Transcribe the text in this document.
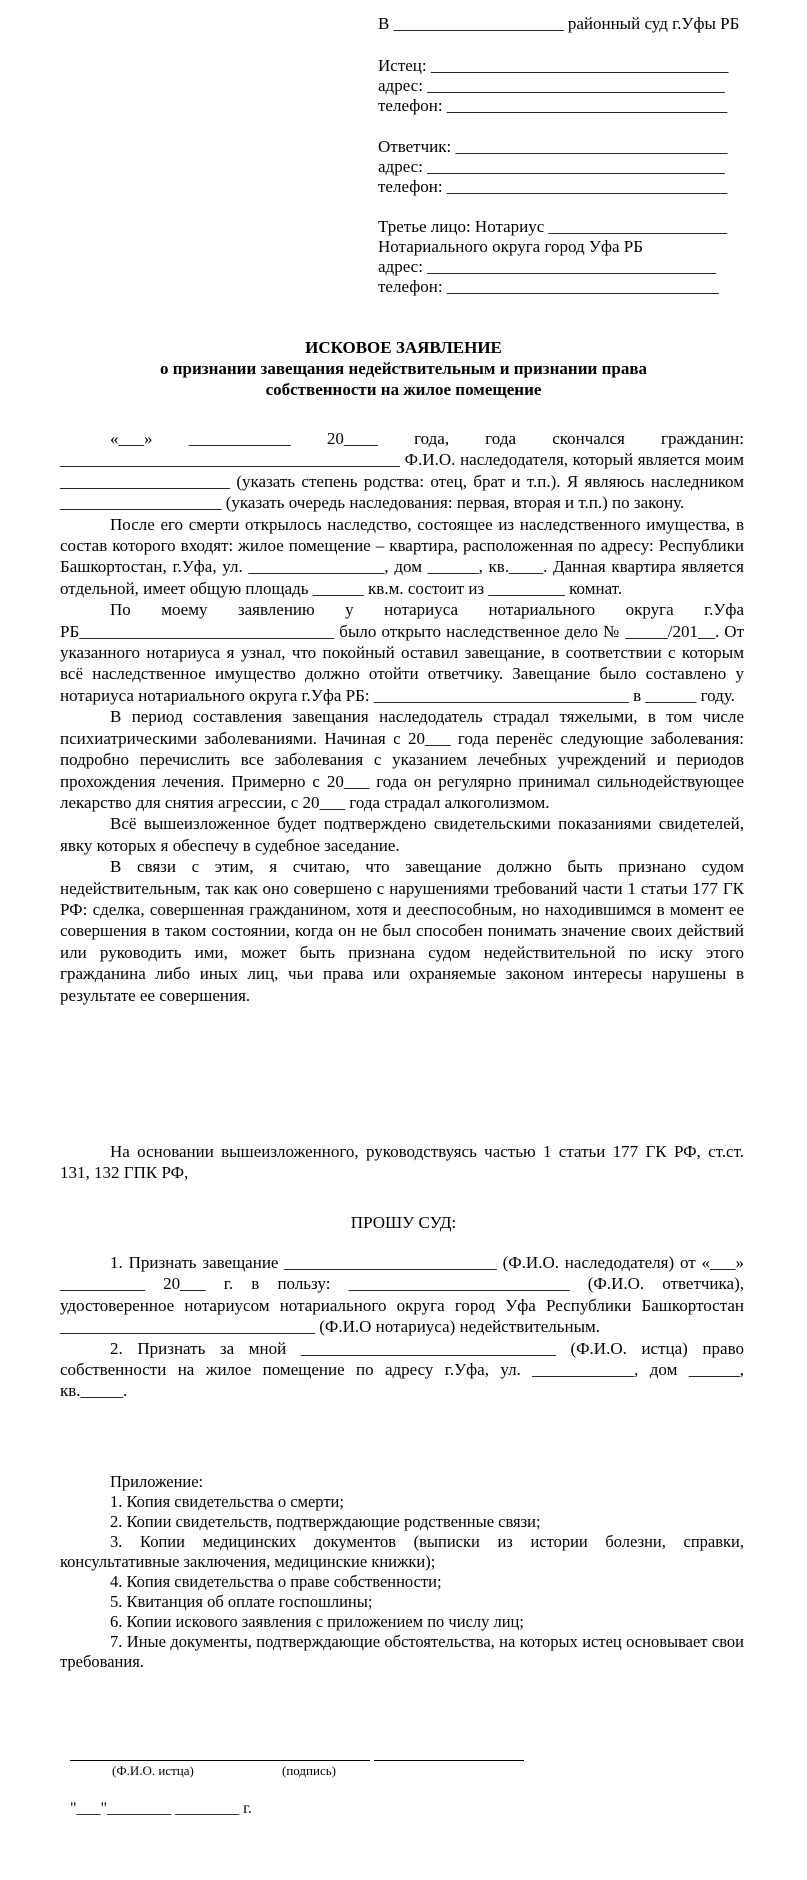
В ____________________ районный суд г.Уфы РБ
Истец: ___________________________________
адрес: ___________________________________
телефон: _________________________________
Ответчик: ________________________________
адрес: ___________________________________
телефон: _________________________________
Третье лицо: Нотариус _____________________
Нотариального округа город Уфа РБ
адрес: __________________________________
телефон: ________________________________
ИСКОВОЕ ЗАЯВЛЕНИЕ
о признании завещания недействительным и признании права
собственности на жилое помещение

«___» ____________ 20____ года, года скончался гражданин: ________________________________________ Ф.И.О. наследодателя, который является моим ____________________ (указать степень родства: отец, брат и т.п.). Я являюсь наследником ___________________ (указать очередь наследования: первая, вторая и т.п.) по закону.

После его смерти открылось наследство, состоящее из наследственного имущества, в состав которого входят: жилое помещение – квартира, расположенная по адресу: Республики Башкортостан, г.Уфа, ул. ________________, дом ______, кв.____. Данная квартира является отдельной, имеет общую площадь ______ кв.м. состоит из _________ комнат.

По моему заявлению у нотариуса нотариального округа г.Уфа РБ______________________________ было открыто наследственное дело № _____/201__. От указанного нотариуса я узнал, что покойный оставил завещание, в соответствии с которым всё наследственное имущество должно отойти ответчику. Завещание было составлено у нотариуса нотариального округа г.Уфа РБ: ______________________________ в ______ году.

В период составления завещания наследодатель страдал тяжелыми, в том числе психиатрическими заболеваниями. Начиная с 20___ года перенёс следующие заболевания: подробно перечислить все заболевания с указанием лечебных учреждений и периодов прохождения лечения. Примерно с 20___ года он регулярно принимал сильнодействующее лекарство для снятия агрессии, с 20___ года страдал алкоголизмом.

Всё вышеизложенное будет подтверждено свидетельскими показаниями свидетелей, явку которых я обеспечу в судебное заседание.

В связи с этим, я считаю, что завещание должно быть признано судом недействительным, так как оно совершено с нарушениями требований части 1 статьи 177 ГК РФ: сделка, совершенная гражданином, хотя и дееспособным, но находившимся в момент ее совершения в таком состоянии, когда он не был способен понимать значение своих действий или руководить ими, может быть признана судом недействительной по иску этого гражданина либо иных лиц, чьи права или охраняемые законом интересы нарушены в результате ее совершения.

На основании вышеизложенного, руководствуясь частью 1 статьи 177 ГК РФ, ст.ст. 131, 132 ГПК РФ,

ПРОШУ СУД:

1. Признать завещание _________________________ (Ф.И.О. наследодателя) от «___» __________ 20___ г. в пользу: __________________________ (Ф.И.О. ответчика), удостоверенное нотариусом нотариального округа город Уфа Республики Башкортостан ______________________________ (Ф.И.О нотариуса) недействительным.

2. Признать за мной ______________________________ (Ф.И.О. истца) право собственности на жилое помещение по адресу г.Уфа, ул. ____________, дом ______, кв._____.

Приложение:

1. Копия свидетельства о смерти;

2. Копии свидетельств, подтверждающие родственные связи;

3. Копии медицинских документов (выписки из истории болезни, справки, консультативные заключения, медицинские книжки);

4. Копия свидетельства о праве собственности;

5. Квитанция об оплате госпошлины;

6. Копии искового заявления с приложением по числу лиц;

7. Иные документы, подтверждающие обстоятельства, на которых истец основывает свои требования.

(Ф.И.О. истца)	(подпись)
"___"________ ________ г.
